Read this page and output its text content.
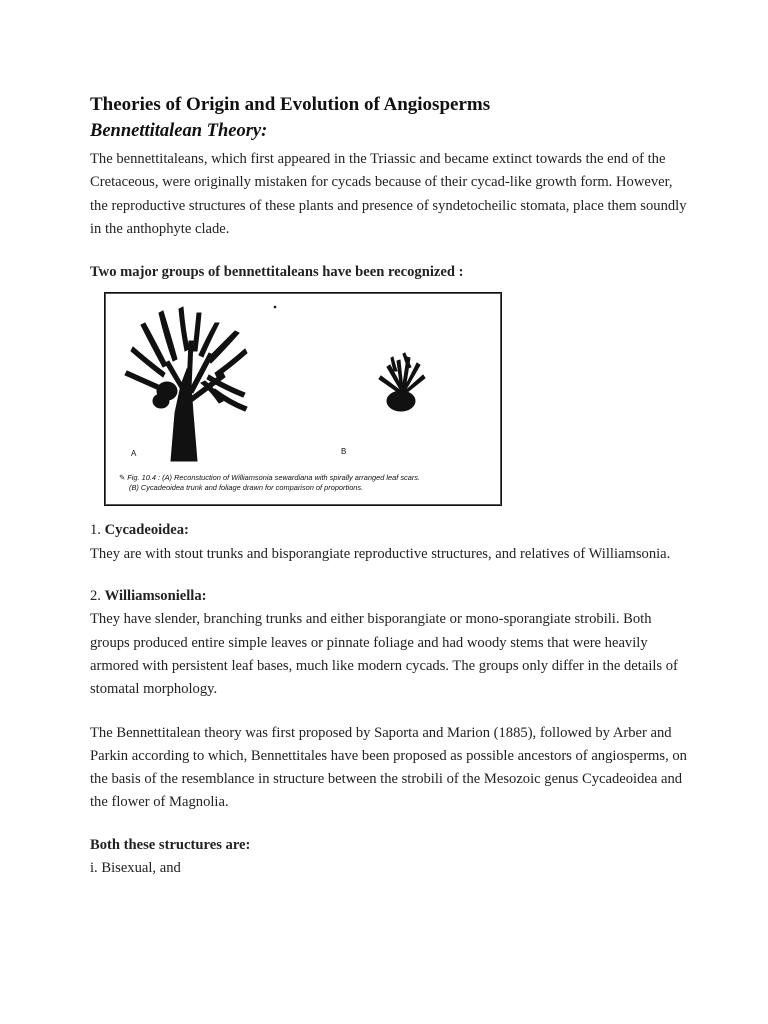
Theories of Origin and Evolution of Angiosperms
Bennettitalean Theory:

The bennettitaleans, which first appeared in the Triassic and became extinct towards the end of the Cretaceous, were originally mistaken for cycads because of their cycad-like growth form. However, the reproductive structures of these plants and presence of syndetocheilic stomata, place them soundly in the anthophyte clade.

Two major groups of bennettitaleans have been recognized :

A	B
✎ Fig. 10.4 : (A) Reconstuction of Williamsonia sewardiana with spirally arranged leaf scars.
(B) Cycadeoidea trunk and foliage drawn for comparison of proportions.

1. Cycadeoidea:

They are with stout trunks and bisporangiate reproductive structures, and relatives of Williamsonia.

2. Williamsoniella:

They have slender, branching trunks and either bisporangiate or mono-sporangiate strobili. Both groups produced entire simple leaves or pinnate foliage and had woody stems that were heavily armored with persistent leaf bases, much like modern cycads. The groups only differ in the details of stomatal morphology.

The Bennettitalean theory was first proposed by Saporta and Marion (1885), followed by Arber and Parkin according to which, Bennettitales have been proposed as possible ancestors of angiosperms, on the basis of the resemblance in structure between the strobili of the Mesozoic genus Cycadeoidea and the flower of Magnolia.

Both these structures are:

i. Bisexual, and
